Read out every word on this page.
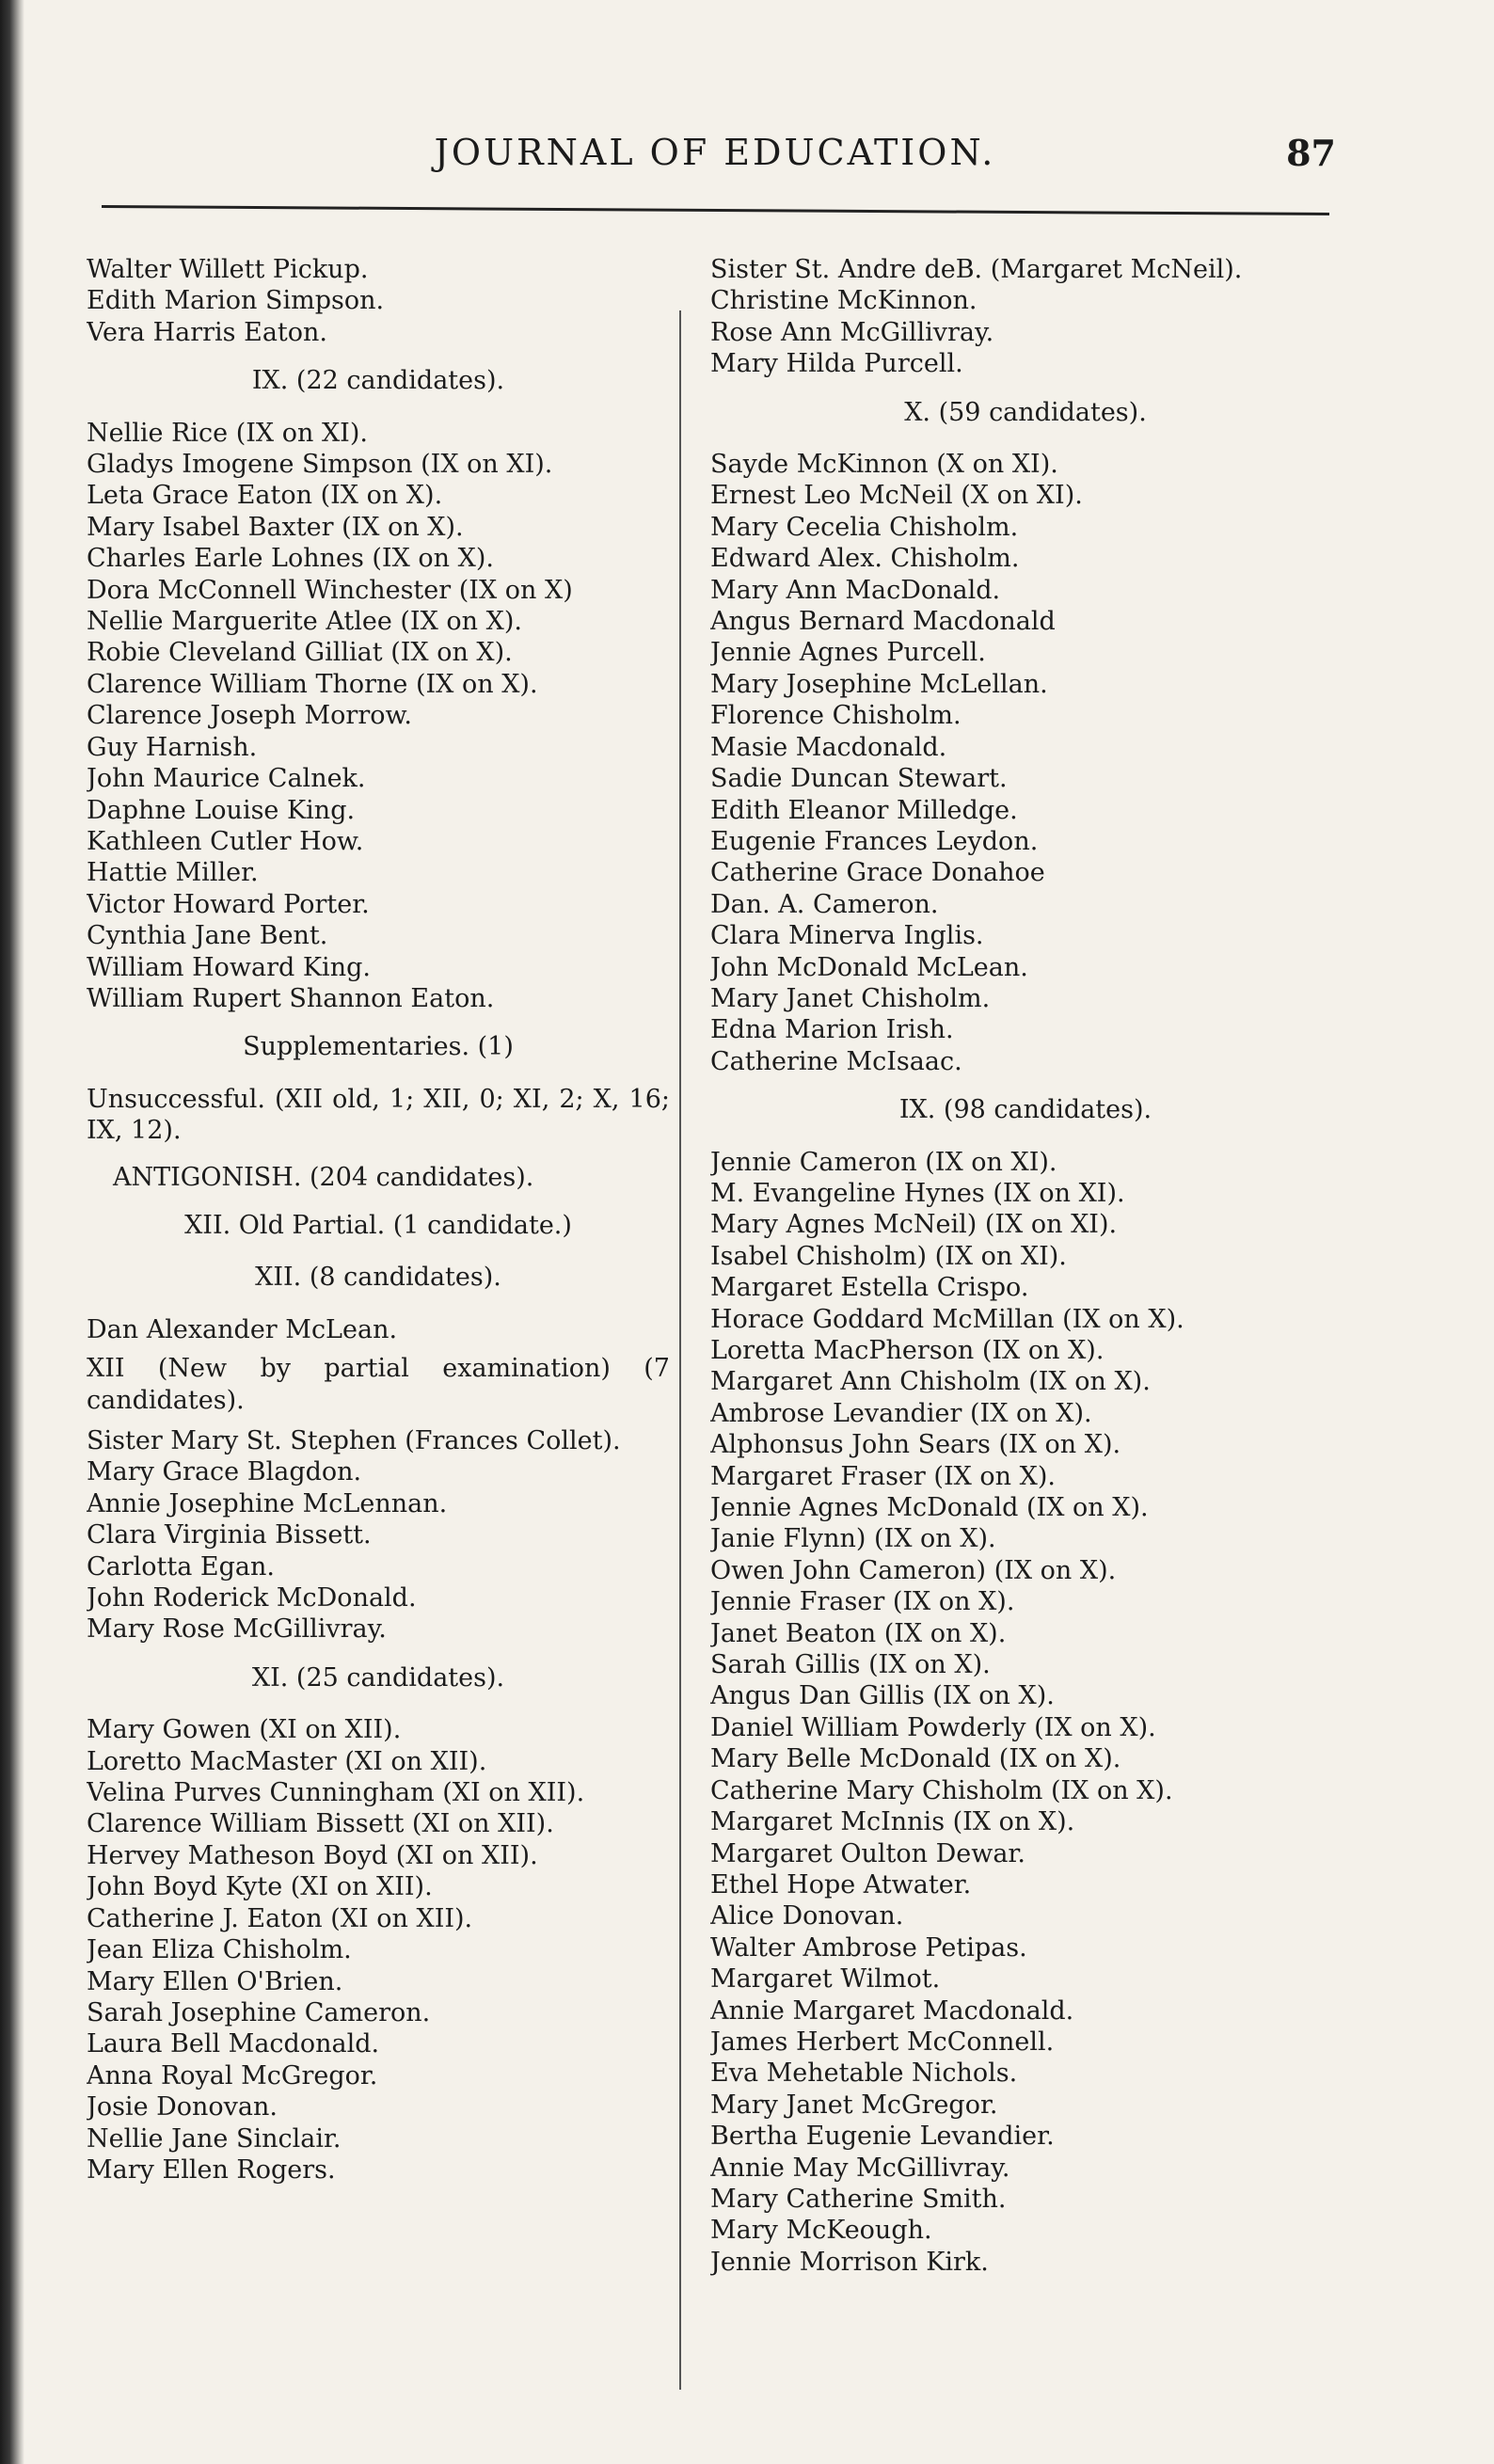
JOURNAL OF EDUCATION.	87
Walter Willett Pickup.
Edith Marion Simpson.
Vera Harris Eaton.
IX. (22 candidates).
Nellie Rice (IX on XI).
Gladys Imogene Simpson (IX on XI).
Leta Grace Eaton (IX on X).
Mary Isabel Baxter (IX on X).
Charles Earle Lohnes (IX on X).
Dora McConnell Winchester (IX on X)
Nellie Marguerite Atlee (IX on X).
Robie Cleveland Gilliat (IX on X).
Clarence William Thorne (IX on X).
Clarence Joseph Morrow.
Guy Harnish.
John Maurice Calnek.
Daphne Louise King.
Kathleen Cutler How.
Hattie Miller.
Victor Howard Porter.
Cynthia Jane Bent.
William Howard King.
William Rupert Shannon Eaton.
Supplementaries. (1)
Unsuccessful. (XII old, 1; XII, 0; XI, 2; X, 16; IX, 12).
ANTIGONISH. (204 candidates).
XII. Old Partial. (1 candidate.)
XII. (8 candidates).
Dan Alexander McLean.
XII (New by partial examination) (7 candidates).
Sister Mary St. Stephen (Frances Collet).
Mary Grace Blagdon.
Annie Josephine McLennan.
Clara Virginia Bissett.
Carlotta Egan.
John Roderick McDonald.
Mary Rose McGillivray.
XI. (25 candidates).
Mary Gowen (XI on XII).
Loretto MacMaster (XI on XII).
Velina Purves Cunningham (XI on XII).
Clarence William Bissett (XI on XII).
Hervey Matheson Boyd (XI on XII).
John Boyd Kyte (XI on XII).
Catherine J. Eaton (XI on XII).
Jean Eliza Chisholm.
Mary Ellen O'Brien.
Sarah Josephine Cameron.
Laura Bell Macdonald.
Anna Royal McGregor.
Josie Donovan.
Nellie Jane Sinclair.
Mary Ellen Rogers.
Sister St. Andre deB. (Margaret McNeil).
Christine McKinnon.
Rose Ann McGillivray.
Mary Hilda Purcell.
X. (59 candidates).
Sayde McKinnon (X on XI).
Ernest Leo McNeil (X on XI).
Mary Cecelia Chisholm.
Edward Alex. Chisholm.
Mary Ann MacDonald.
Angus Bernard Macdonald
Jennie Agnes Purcell.
Mary Josephine McLellan.
Florence Chisholm.
Masie Macdonald.
Sadie Duncan Stewart.
Edith Eleanor Milledge.
Eugenie Frances Leydon.
Catherine Grace Donahoe
Dan. A. Cameron.
Clara Minerva Inglis.
John McDonald McLean.
Mary Janet Chisholm.
Edna Marion Irish.
Catherine McIsaac.
IX. (98 candidates).
Jennie Cameron (IX on XI).
M. Evangeline Hynes (IX on XI).
Mary Agnes McNeil) (IX on XI).
Isabel Chisholm) (IX on XI).
Margaret Estella Crispo.
Horace Goddard McMillan (IX on X).
Loretta MacPherson (IX on X).
Margaret Ann Chisholm (IX on X).
Ambrose Levandier (IX on X).
Alphonsus John Sears (IX on X).
Margaret Fraser (IX on X).
Jennie Agnes McDonald (IX on X).
Janie Flynn) (IX on X).
Owen John Cameron) (IX on X).
Jennie Fraser (IX on X).
Janet Beaton (IX on X).
Sarah Gillis (IX on X).
Angus Dan Gillis (IX on X).
Daniel William Powderly (IX on X).
Mary Belle McDonald (IX on X).
Catherine Mary Chisholm (IX on X).
Margaret McInnis (IX on X).
Margaret Oulton Dewar.
Ethel Hope Atwater.
Alice Donovan.
Walter Ambrose Petipas.
Margaret Wilmot.
Annie Margaret Macdonald.
James Herbert McConnell.
Eva Mehetable Nichols.
Mary Janet McGregor.
Bertha Eugenie Levandier.
Annie May McGillivray.
Mary Catherine Smith.
Mary McKeough.
Jennie Morrison Kirk.
